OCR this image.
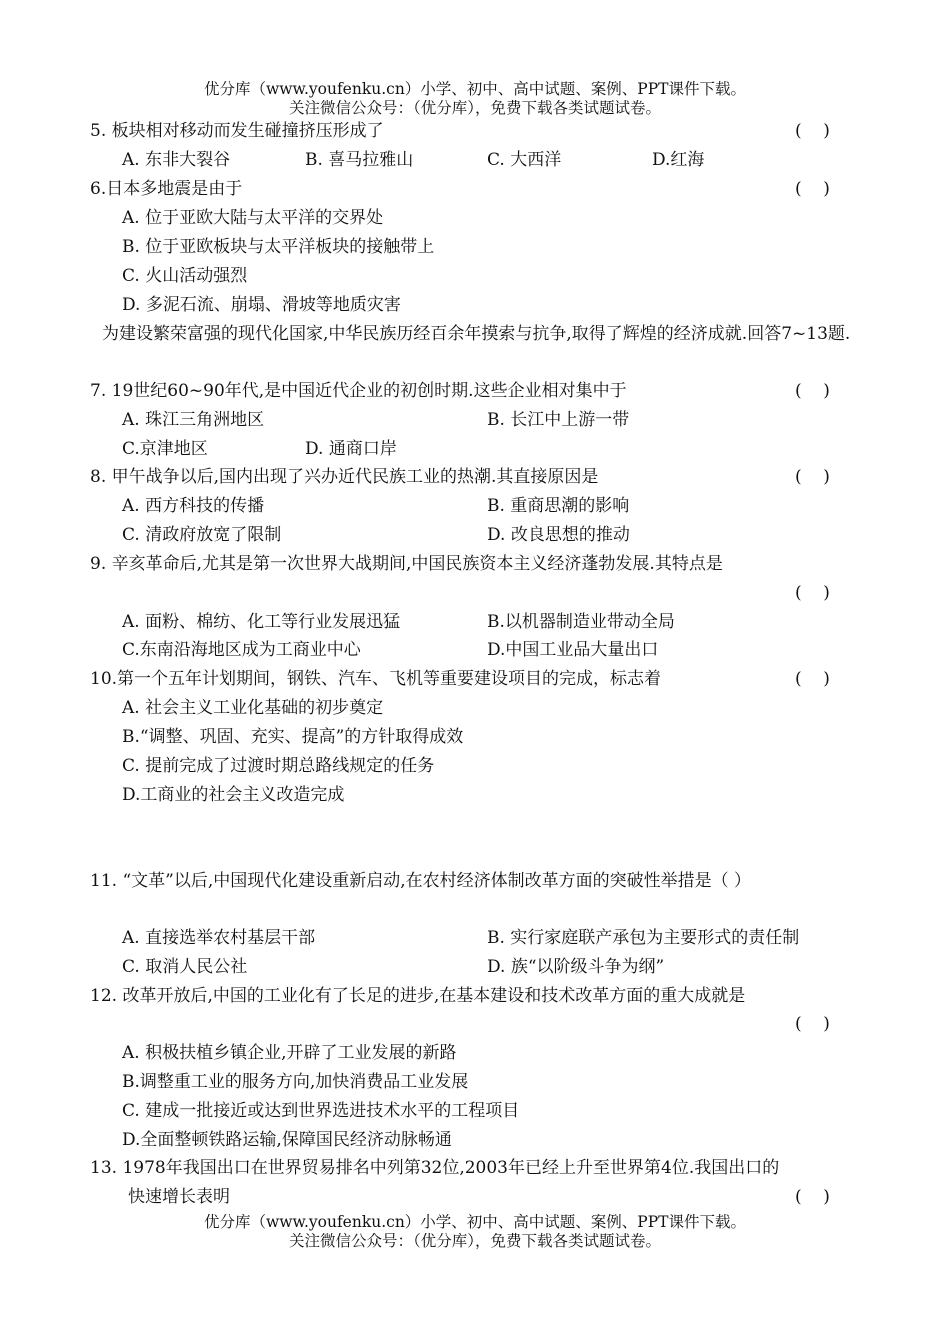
优分库（www.youfenku.cn）小学、初中、高中试题、案例、PPT课件下载。
关注微信公众号：（优分库），免费下载各类试题试卷。
5. 板块相对移动而发生碰撞挤压形成了	(    )
A. 东非大裂谷	B. 喜马拉雅山	C. 大西洋	D.红海
6.日本多地震是由于	(    )
A. 位于亚欧大陆与太平洋的交界处
B. 位于亚欧板块与太平洋板块的接触带上
C. 火山活动强烈
D. 多泥石流、崩塌、滑坡等地质灾害
为建设繁荣富强的现代化国家,中华民族历经百余年摸索与抗争,取得了辉煌的经济成就.回答7~13题.
7. 19世纪60~90年代,是中国近代企业的初创时期.这些企业相对集中于	(    )
A. 珠江三角洲地区	B. 长江中上游一带
C.京津地区	D. 通商口岸
8. 甲午战争以后,国内出现了兴办近代民族工业的热潮.其直接原因是	(    )
A. 西方科技的传播	B. 重商思潮的影响
C. 清政府放宽了限制	D. 改良思想的推动
9. 辛亥革命后,尤其是第一次世界大战期间,中国民族资本主义经济蓬勃发展.其特点是
(    )
A. 面粉、棉纺、化工等行业发展迅猛	B.以机器制造业带动全局
C.东南沿海地区成为工商业中心	D.中国工业品大量出口
10.第一个五年计划期间，钢铁、汽车、飞机等重要建设项目的完成，标志着	(    )
A. 社会主义工业化基础的初步奠定
B.“调整、巩固、充实、提高”的方针取得成效
C. 提前完成了过渡时期总路线规定的任务
D.工商业的社会主义改造完成
11. “文革”以后,中国现代化建设重新启动,在农村经济体制改革方面的突破性举措是（ ）
A. 直接选举农村基层干部	B. 实行家庭联产承包为主要形式的责任制
C. 取消人民公社	D. 族“以阶级斗争为纲”
12. 改革开放后,中国的工业化有了长足的进步,在基本建设和技术改革方面的重大成就是
(    )
A. 积极扶植乡镇企业,开辟了工业发展的新路
B.调整重工业的服务方向,加快消费品工业发展
C. 建成一批接近或达到世界选进技术水平的工程项目
D.全面整顿铁路运输,保障国民经济动脉畅通
13. 1978年我国出口在世界贸易排名中列第32位,2003年已经上升至世界第4位.我国出口的
快速增长表明	(    )
优分库（www.youfenku.cn）小学、初中、高中试题、案例、PPT课件下载。
关注微信公众号：（优分库），免费下载各类试题试卷。
